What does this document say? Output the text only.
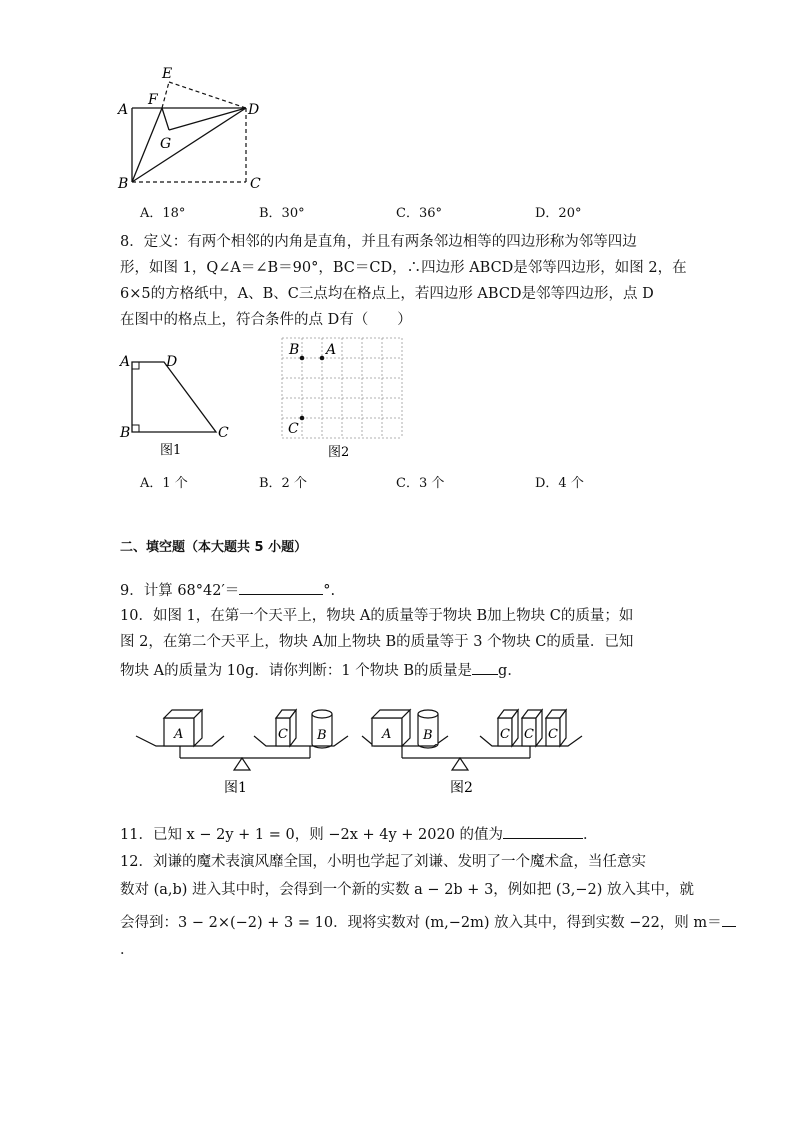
A
B	C
D
E
F
G
A．18°	B．30°	C．36°	D．20°
8．定义：有两个相邻的内角是直角，并且有两条邻边相等的四边形称为邻等四边
形，如图 1，Q∠A＝∠B＝90°，BC＝CD，∴四边形 ABCD是邻等四边形，如图 2，在
6×5的方格纸中，A、B、C三点均在格点上，若四边形 ABCD是邻等四边形，点 D
在图中的格点上，符合条件的点 D有（　　）
A	D
B	C
图1
B A
C
图2
A．1 个	B．2 个	C．3 个	D．4 个
二、填空题（本大题共 5 小题）
9．计算 68°42′＝	°.
10．如图 1，在第一个天平上，物块 A的质量等于物块 B加上物块 C的质量；如
图 2，在第二个天平上，物块 A加上物块 B的质量等于 3 个物块 C的质量．已知
物块 A的质量为 10g．请你判断：1 个物块 B的质量是 g．
A	C B
图1
A B	C C C
图2
11．已知 x − 2y + 1 = 0，则 −2x + 4y + 2020 的值为	．
12．刘谦的魔术表演风靡全国，小明也学起了刘谦、发明了一个魔术盒，当任意实
数对 (a,b) 进入其中时，会得到一个新的实数 a − 2b + 3，例如把 (3,−2) 放入其中，就
会得到：3 − 2×(−2) + 3 = 10．现将实数对 (m,−2m) 放入其中，得到实数 −22，则 m＝
．
